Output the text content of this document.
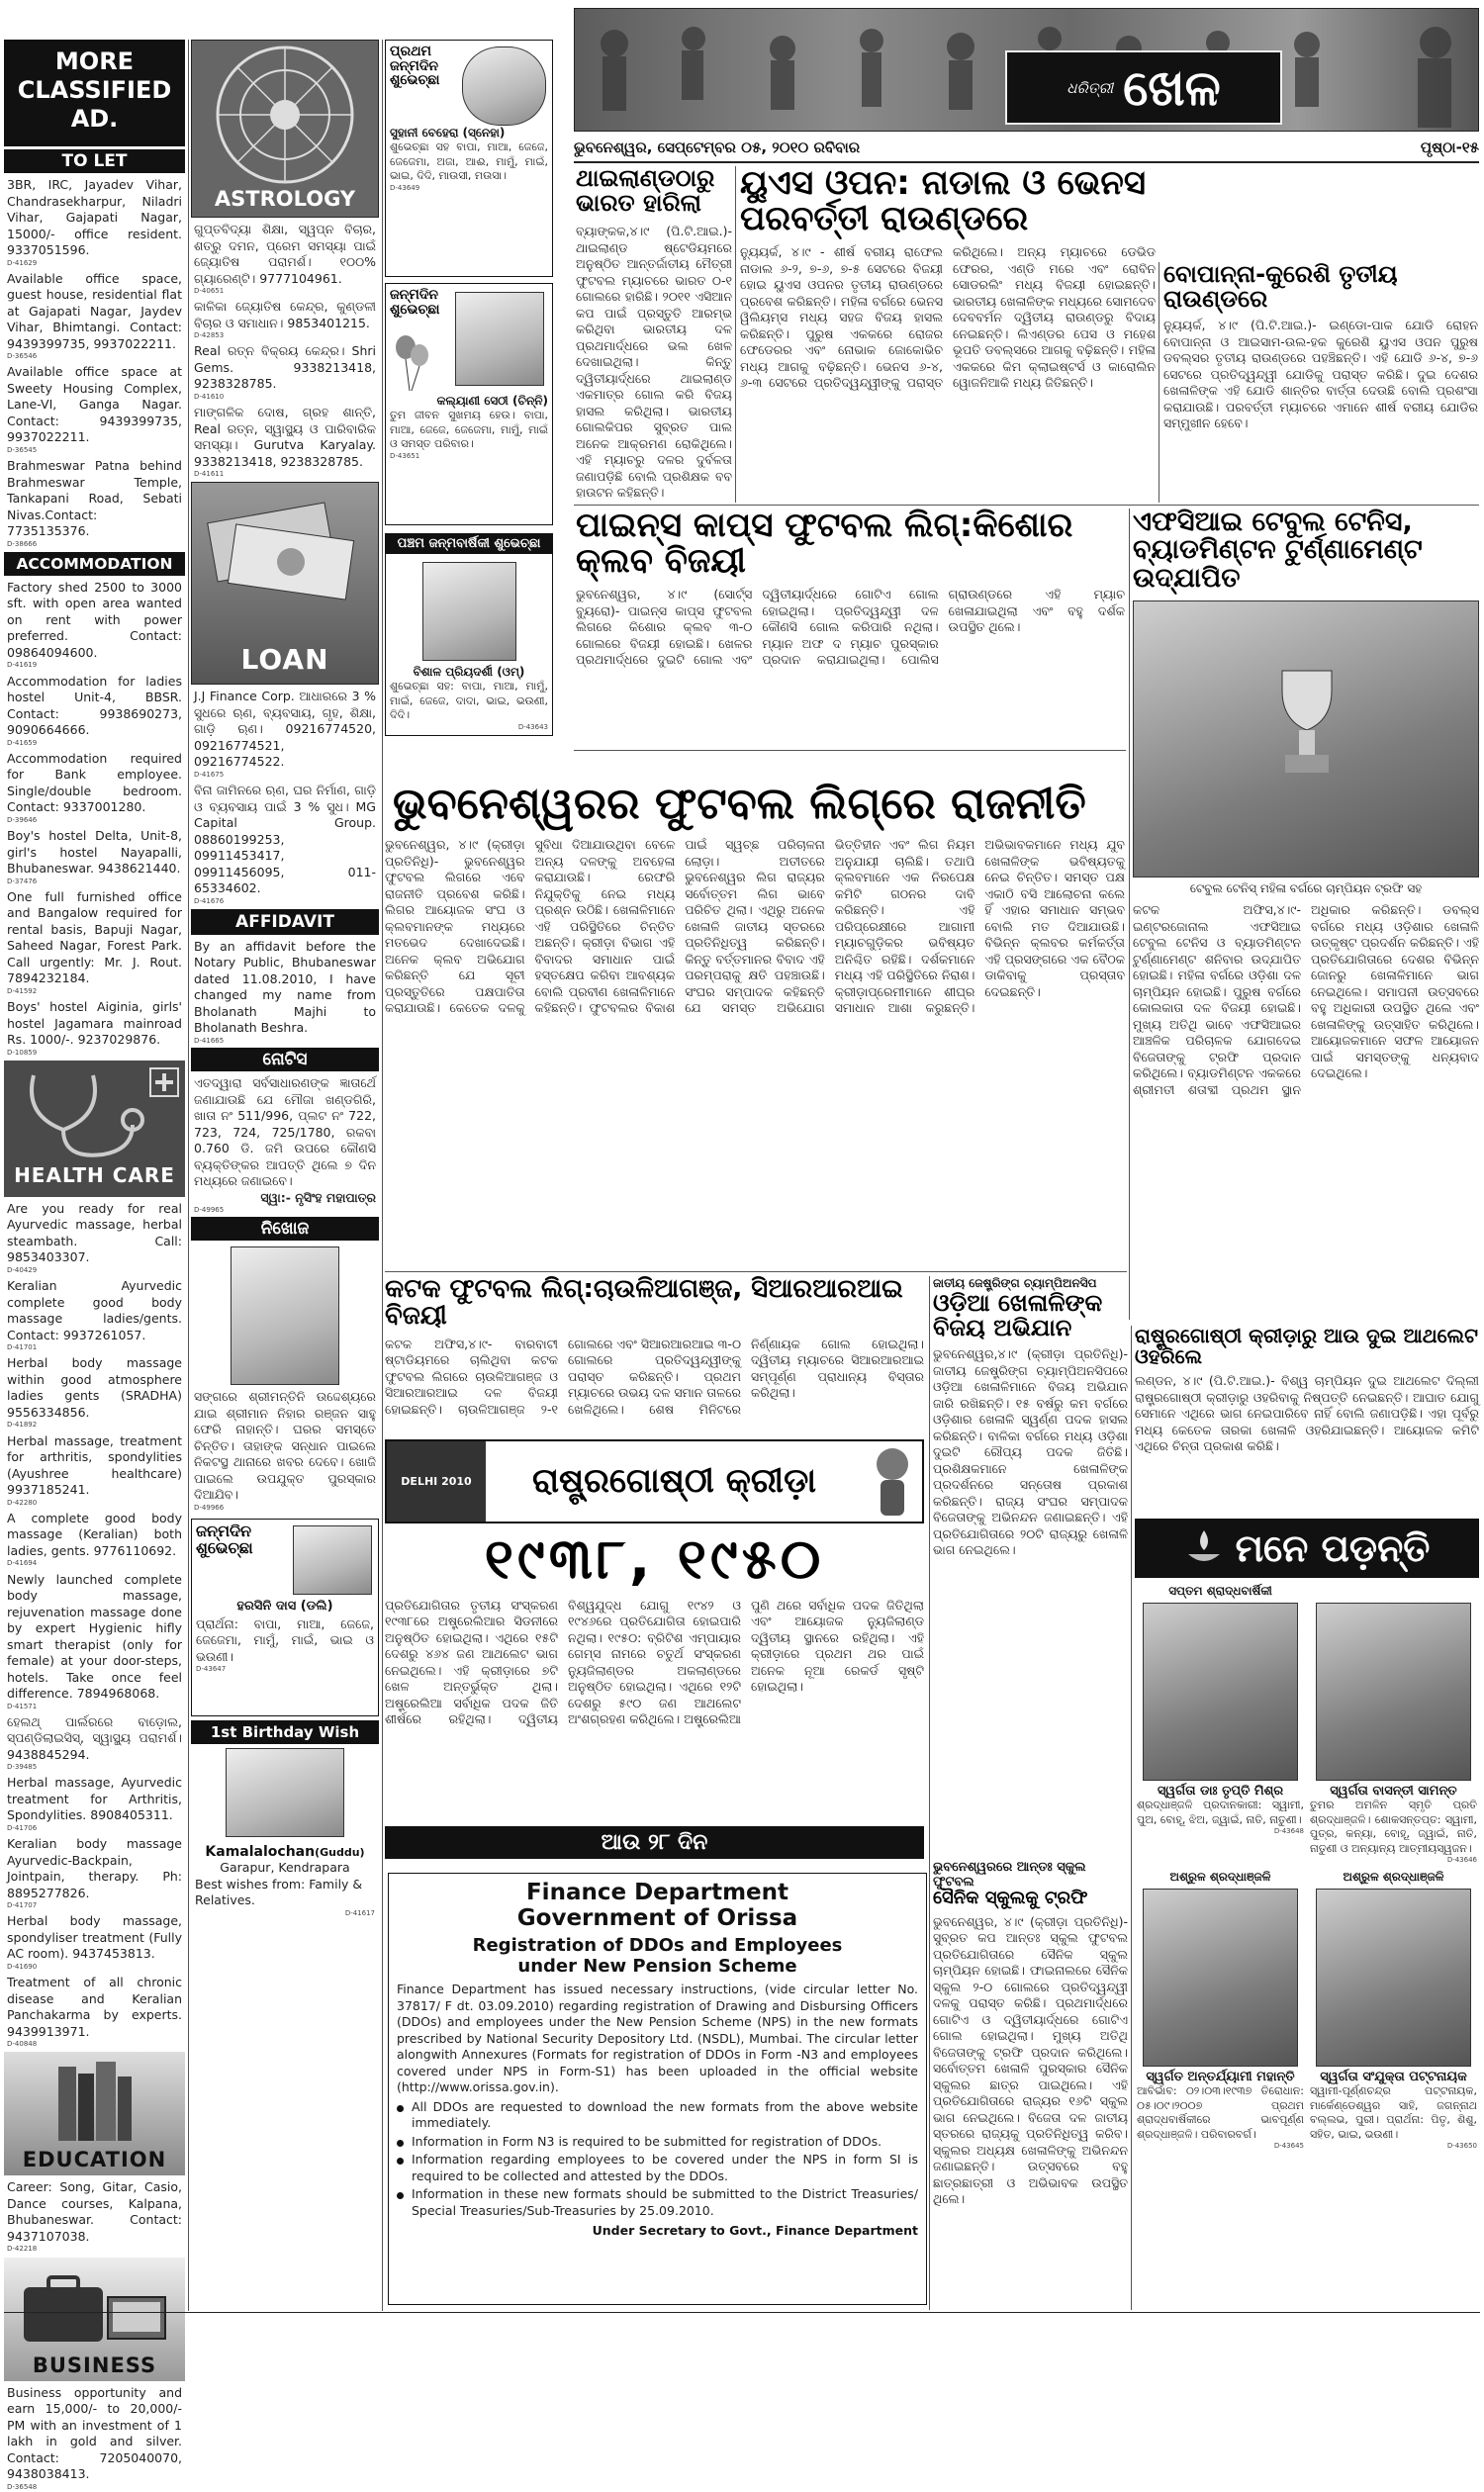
MORE
CLASSIFIED
AD.
TO LET

3BR, IRC, Jayadev Vihar, Chandrasekharpur, Niladri Vihar, Gajapati Nagar, 15000/- office resident. 9337051596.
D-41629

Available office space, guest house, residential flat at Gajapati Nagar, Jaydev Vihar, Bhimtangi. Contact: 9439399735, 9937022211.
D-36546

Available office space at Sweety Housing Complex, Lane-VI, Ganga Nagar. Contact: 9439399735, 9937022211.
D-36545

Brahmeswar Patna behind Brahmeswar Temple, Tankapani Road, Sebati Nivas.Contact: 7735135376.
D-38666

ACCOMMODATION

Factory shed 2500 to 3000 sft. with open area wanted on rent with power preferred. Contact: 09864094600.
D-41619

Accommodation for ladies hostel Unit-4, BBSR. Contact: 9938690273, 9090664666.
D-41659

Accommodation required for Bank employee. Single/double bedroom. Contact: 9337001280.
D-39646

Boy's hostel Delta, Unit-8, girl's hostel Nayapalli, Bhubaneswar. 9438621440.
D-37476

One full furnished office and Bangalow required for rental basis, Bapuji Nagar, Saheed Nagar, Forest Park. Call urgently: Mr. J. Rout. 7894232184.
D-41592

Boys' hostel Aiginia, girls' hostel Jagamara mainroad Rs. 1000/-. 9237029876.
D-10859

HEALTH CARE

Are you ready for real Ayurvedic massage, herbal steambath. Call: 9853403307.
D-40429

Keralian Ayurvedic complete good body massage ladies/gents. Contact: 9937261057.
D-41701

Herbal body massage within good atmosphere ladies gents (SRADHA) 9556334856.
D-41892

Herbal massage, treatment for arthritis, spondylities (Ayushree healthcare) 9937185241.
D-42280

A complete good body massage (Keralian) both ladies, gents. 9776110692.
D-41694

Newly launched complete body massage, rejuvenation massage done by expert Hygienic hifly smart therapist (only for female) at your door-steps, hotels. Take once feel difference. 7894968068.
D-41571

ହେଲଥ୍ ପାର୍ଲରରେ ବାଡ଼ୋଲ, ସ୍ପଣ୍ଡିଲାଇସିସ୍, ସ୍ୱାସ୍ଥ୍ୟ ପରାମର୍ଶ। 9438845294.
D-39485

Herbal massage, Ayurvedic treatment for Arthritis, Spondylities. 8908405311.
D-41706

Keralian body massage Ayurvedic-Backpain, Jointpain, therapy. Ph: 8895277826.
D-41707

Herbal body massage, spondyliser treatment (Fully AC room). 9437453813.
D-41690

Treatment of all chronic disease and Keralian Panchakarma by experts. 9439913971.
D-40848

EDUCATION

Career: Song, Gitar, Casio, Dance courses, Kalpana, Bhubaneswar. Contact: 9437107038.
D-42218

BUSINESS

Business opportunity and earn 15,000/- to 20,000/- PM with an investment of 1 lakh in gold and silver. Contact: 7205040070, 9438038413.
D-36548

ASTROLOGY

ଗୁପ୍ତବିଦ୍ୟା ଶିକ୍ଷା, ସ୍ୱପ୍ନ ବିଚାର, ଶତ୍ରୁ ଦମନ, ପ୍ରେମ ସମସ୍ୟା ପାଇଁ ଜ୍ୟୋତିଷ ପରାମର୍ଶ। ୧୦୦% ଗ୍ୟାରେଣ୍ଟି। 9777104961.
D-40651

କାଳିକା ଜ୍ୟୋତିଷ କେନ୍ଦ୍ର, କୁଣ୍ଡଳୀ ବିଚାର ଓ ସମାଧାନ। 9853401215.
D-42853

Real ରତ୍ନ ବିକ୍ରୟ କେନ୍ଦ୍ର। Shri Gems. 9338213418, 9238328785.
D-41610

ମାଙ୍ଗଳିକ ଦୋଷ, ଗ୍ରହ ଶାନ୍ତି, Real ରତ୍ନ, ସ୍ୱାସ୍ଥ୍ୟ ଓ ପାରିବାରିକ ସମସ୍ୟା। Gurutva Karyalay. 9338213418, 9238328785.
D-41611

LOAN

J.J Finance Corp. ଆଧାରରେ 3 % ସୁଧରେ ଋଣ, ବ୍ୟବସାୟ, ଗୃହ, ଶିକ୍ଷା, ଗାଡ଼ି ଋଣ। 09216774520, 09216774521, 09216774522.
D-41675

ବିନା ଜାମିନରେ ଋଣ, ଘର ନିର୍ମାଣ, ଗାଡ଼ି ଓ ବ୍ୟବସାୟ ପାଇଁ 3 % ସୁଧ। MG Capital Group. 08860199253, 09911453417, 09911456095, 011-65334602.
D-41676

AFFIDAVIT
By an affidavit before the Notary Public, Bhubaneswar dated 11.08.2010, I have changed my name from Bholanath Majhi to Bholanath Beshra.
D-41665
ନୋଟିସ
ଏତଦ୍ୱାରା ସର୍ବସାଧାରଣଙ୍କ ଜ୍ଞାତାର୍ଥେ ଜଣାଯାଉଛି ଯେ ମୌଜା ଖଣ୍ଡଗିରି, ଖାତା ନଂ 511/996, ପ୍ଲଟ ନଂ 722, 723, 724, 725/1780, ରକବା 0.760 ଡି. ଜମି ଉପରେ କୌଣସି ବ୍ୟକ୍ତିଙ୍କର ଆପତ୍ତି ଥିଲେ ୭ ଦିନ ମଧ୍ୟରେ ଜଣାଇବେ।
ସ୍ୱା:- ନୃସିଂହ ମହାପାତ୍ର
D-49965
ନିଖୋଜ
ସଙ୍ଗରେ ଶ୍ରୀମନ୍ତିନି ଉଦ୍ଦେଶ୍ୟରେ ଯାଇ ଶ୍ରୀମାନ ନିହାର ରଞ୍ଜନ ସାହୁ ଫେରି ନାହାନ୍ତି। ଘରର ସମସ୍ତେ ଚିନ୍ତିତ। ତାହାଙ୍କ ସନ୍ଧାନ ପାଇଲେ ନିକଟସ୍ଥ ଥାନାରେ ଖବର ଦେବେ। ଖୋଜି ପାଇଲେ ଉପଯୁକ୍ତ ପୁରସ୍କାର ଦିଆଯିବ।
D-49966
ଜନ୍ମଦିନ
ଶୁଭେଚ୍ଛା
ହରସିନି ଦାସ (ଡଲି)
ପ୍ରାର୍ଥନା: ବାପା, ମାଆ, ଜେଜେ, ଜେଜେମା, ମାମୁଁ, ମାଇଁ, ଭାଇ ଓ ଭଉଣୀ।
D-43647
1st Birthday Wish
Kamalalochan(Guddu)
Garapur, Kendrapara
Best wishes from: Family & Relatives.
D-41617
ପ୍ରଥମ
ଜନ୍ମଦିନ
ଶୁଭେଚ୍ଛା
ସୁହାନୀ ବେହେରା (ସ୍ନେହା)
ଶୁଭେଚ୍ଛା ସହ ବାପା, ମାଆ, ଜେଜେ, ଜେଜେମା, ଅଜା, ଆଈ, ମାମୁଁ, ମାଇଁ, ଭାଇ, ଦିଦି, ମାଉସୀ, ମଉସା।
D-43649
ଜନ୍ମଦିନ
ଶୁଭେଚ୍ଛା
କଲ୍ୟାଣୀ ସେଠୀ (ଚିନ୍ନି)
ତୁମ ଜୀବନ ସୁଖମୟ ହେଉ। ବାପା, ମାଆ, ଜେଜେ, ଜେଜେମା, ମାମୁଁ, ମାଇଁ ଓ ସମସ୍ତ ପରିବାର।
D-43651
ପଞ୍ଚମ ଜନ୍ମବାର୍ଷିକୀ ଶୁଭେଚ୍ଛା
ବିଶାଳ ପ୍ରିୟଦର୍ଶୀ (ଓମ୍)
ଶୁଭେଚ୍ଛା ସହ: ବାପା, ମାଆ, ମାମୁଁ, ମାଇଁ, ଜେଜେ, ଦାଦା, ଭାଇ, ଭଉଣୀ, ଦିଦି।
D-43643
ଧରିତ୍ରୀ ଖେଳ
ଭୁବନେଶ୍ୱର, ସେପ୍ଟେମ୍ବର ୦୫, ୨୦୧୦ ରବିବାର	ପୃଷ୍ଠା-୧୫
ଥାଇଲାଣ୍ଡଠାରୁ
ଭାରତ ହାରିଲା
ବ୍ୟାଙ୍କକ,୪।୯ (ପି.ଟି.ଆଇ.)- ଥାଇଲାଣ୍ଡ ଷ୍ଟେଡିୟମରେ ଅନୁଷ୍ଠିତ ଆନ୍ତର୍ଜାତୀୟ ମୈତ୍ରୀ ଫୁଟବଲ ମ୍ୟାଚରେ ଭାରତ ୦-୧ ଗୋଲରେ ହାରିଛି। ୨୦୧୧ ଏସିଆନ କପ ପାଇଁ ପ୍ରସ୍ତୁତି ଆରମ୍ଭ କରିଥିବା ଭାରତୀୟ ଦଳ ପ୍ରଥମାର୍ଦ୍ଧରେ ଭଲ ଖେଳ ଦେଖାଇଥିଲା। କିନ୍ତୁ ଦ୍ୱିତୀୟାର୍ଦ୍ଧରେ ଥାଇଲାଣ୍ଡ ଏକମାତ୍ର ଗୋଲ କରି ବିଜୟ ହାସଲ କରିଥିଲା। ଭାରତୀୟ ଗୋଲକିପର ସୁବ୍ରତ ପାଲ ଅନେକ ଆକ୍ରମଣ ରୋକିଥିଲେ। ଏହି ମ୍ୟାଚରୁ ଦଳର ଦୁର୍ବଳତା ଜଣାପଡ଼ିଛି ବୋଲି ପ୍ରଶିକ୍ଷକ ବବ ହାଉଟନ କହିଛନ୍ତି।
ୟୁଏସ ଓପନ: ନାଡାଲ ଓ ଭେନସ ପରବର୍ତ୍ତୀ ରାଉଣ୍ଡରେ
ନ୍ୟୁୟର୍କ, ୪।୯ - ଶୀର୍ଷ ବରୀୟ ରାଫେଲ ନାଡାଲ ୬-୨, ୭-୬, ୭-୫ ସେଟରେ ବିଜୟୀ ହୋଇ ୟୁଏସ ଓପନର ତୃତୀୟ ରାଉଣ୍ଡରେ ପ୍ରବେଶ କରିଛନ୍ତି। ମହିଳା ବର୍ଗରେ ଭେନସ ୱିଲିୟମ୍ସ ମଧ୍ୟ ସହଜ ବିଜୟ ହାସଲ କରିଛନ୍ତି। ପୁରୁଷ ଏକକରେ ରୋଜର ଫେଡେରର ଏବଂ ନୋଭାକ ଜୋକୋଭିଚ ମଧ୍ୟ ଆଗକୁ ବଢ଼ିଛନ୍ତି। ଭେନସ ୬-୪, ୬-୩ ସେଟରେ ପ୍ରତିଦ୍ୱନ୍ଦ୍ୱୀଙ୍କୁ ପରାସ୍ତ କରିଥିଲେ। ଅନ୍ୟ ମ୍ୟାଚରେ ଡେଭିଡ ଫେରର, ଏଣ୍ଡି ମରେ ଏବଂ ରୋବିନ ସୋଡରଲିଂ ମଧ୍ୟ ବିଜୟୀ ହୋଇଛନ୍ତି। ଭାରତୀୟ ଖେଳାଳିଙ୍କ ମଧ୍ୟରେ ସୋମଦେବ ଦେବବର୍ମନ ଦ୍ୱିତୀୟ ରାଉଣ୍ଡରୁ ବିଦାୟ ନେଇଛନ୍ତି। ଲିଏଣ୍ଡର ପେସ ଓ ମହେଶ ଭୂପତି ଡବଲ୍ସରେ ଆଗକୁ ବଢ଼ିଛନ୍ତି। ମହିଳା ଏକକରେ କିମ କ୍ଲାଇଷ୍ଟର୍ସ ଓ କାରୋଲିନ ୱୋଜନିଆକି ମଧ୍ୟ ଜିତିଛନ୍ତି।
ବୋପାନ୍ନା-କୁରେଶି ତୃତୀୟ ରାଉଣ୍ଡରେ
ନ୍ୟୁୟର୍କ, ୪।୯ (ପି.ଟି.ଆଇ.)- ଇଣ୍ଡୋ-ପାକ ଯୋଡି ରୋହନ ବୋପାନ୍ନା ଓ ଆଇସାମ-ଉଲ-ହକ କୁରେଶି ୟୁଏସ ଓପନ ପୁରୁଷ ଡବଲ୍ସର ତୃତୀୟ ରାଉଣ୍ଡରେ ପହଞ୍ଚିଛନ୍ତି। ଏହି ଯୋଡି ୬-୪, ୭-୬ ସେଟରେ ପ୍ରତିଦ୍ୱନ୍ଦ୍ୱୀ ଯୋଡିକୁ ପରାସ୍ତ କରିଛି। ଦୁଇ ଦେଶର ଖେଳାଳିଙ୍କ ଏହି ଯୋଡି ଶାନ୍ତିର ବାର୍ତ୍ତା ଦେଉଛି ବୋଲି ପ୍ରଶଂସା କରାଯାଉଛି। ପରବର୍ତ୍ତୀ ମ୍ୟାଚରେ ଏମାନେ ଶୀର୍ଷ ବରୀୟ ଯୋଡିର ସମ୍ମୁଖୀନ ହେବେ।
ପାଇନ୍ସ କାପ୍ସ ଫୁଟବଲ ଲିଗ୍:କିଶୋର କ୍ଲବ ବିଜୟୀ
ଭୁବନେଶ୍ୱର, ୪।୯ (ସୋର୍ଟ୍ସ ବ୍ୟୁରୋ)- ପାଇନ୍ସ କାପ୍ସ ଫୁଟବଲ ଲିଗରେ କିଶୋର କ୍ଲବ ୩-୦ ଗୋଲରେ ବିଜୟୀ ହୋଇଛି। ଖେଳର ପ୍ରଥମାର୍ଦ୍ଧରେ ଦୁଇଟି ଗୋଲ ଏବଂ ଦ୍ୱିତୀୟାର୍ଦ୍ଧରେ ଗୋଟିଏ ଗୋଲ ହୋଇଥିଲା। ପ୍ରତିଦ୍ୱନ୍ଦ୍ୱୀ ଦଳ କୌଣସି ଗୋଲ କରିପାରି ନଥିଲା। ମ୍ୟାନ ଅଫ ଦ ମ୍ୟାଚ ପୁରସ୍କାର ପ୍ରଦାନ କରାଯାଇଥିଲା। ପୋଲିସ ଗ୍ରାଉଣ୍ଡରେ ଏହି ମ୍ୟାଚ ଖେଳାଯାଇଥିଲା ଏବଂ ବହୁ ଦର୍ଶକ ଉପସ୍ଥିତ ଥିଲେ।
ଏଫସିଆଇ ଟେବୁଲ ଟେନିସ, ବ୍ୟାଡମିଣ୍ଟନ ଟୁର୍ଣ୍ଣାମେଣ୍ଟ ଉଦ୍‌ଯାପିତ
ଟେବୁଲ ଟେନିସ୍ ମହିଳା ବର୍ଗରେ ଚାମ୍ପିୟନ ଟ୍ରଫି ସହ
କଟକ ଅଫିସ,୪।୯- ଇଣ୍ଟରଜୋନାଲ ଏଫସିଆଇ ଟେବୁଲ ଟେନିସ ଓ ବ୍ୟାଡମିଣ୍ଟନ ଟୁର୍ଣ୍ଣାମେଣ୍ଟ ଶନିବାର ଉଦ୍‌ଯାପିତ ହୋଇଛି। ମହିଳା ବର୍ଗରେ ଓଡ଼ିଶା ଦଳ ଚାମ୍ପିୟନ ହୋଇଛି। ପୁରୁଷ ବର୍ଗରେ କୋଲକାତା ଦଳ ବିଜୟୀ ହୋଇଛି। ମୁଖ୍ୟ ଅତିଥି ଭାବେ ଏଫସିଆଇର ଆଞ୍ଚଳିକ ପରିଚାଳକ ଯୋଗଦେଇ ବିଜେତାଙ୍କୁ ଟ୍ରଫି ପ୍ରଦାନ କରିଥିଲେ। ବ୍ୟାଡମିଣ୍ଟନ ଏକକରେ ଶ୍ରୀମତୀ ଶତାବ୍ଦୀ ପ୍ରଥମ ସ୍ଥାନ ଅଧିକାର କରିଛନ୍ତି। ଡବଲ୍ସ ବର୍ଗରେ ମଧ୍ୟ ଓଡ଼ିଶାର ଖେଳାଳି ଉତ୍କୃଷ୍ଟ ପ୍ରଦର୍ଶନ କରିଛନ୍ତି। ଏହି ପ୍ରତିଯୋଗିତାରେ ଦେଶର ବିଭିନ୍ନ ଜୋନରୁ ଖେଳାଳିମାନେ ଭାଗ ନେଇଥିଲେ। ସମାପନୀ ଉତ୍ସବରେ ବହୁ ଅଧିକାରୀ ଉପସ୍ଥିତ ଥିଲେ ଏବଂ ଖେଳାଳିଙ୍କୁ ଉତ୍ସାହିତ କରିଥିଲେ। ଆୟୋଜକମାନେ ସଫଳ ଆୟୋଜନ ପାଇଁ ସମସ୍ତଙ୍କୁ ଧନ୍ୟବାଦ ଦେଇଥିଲେ।
ଭୁବନେଶ୍ୱରର ଫୁଟବଲ ଲିଗ୍‌ରେ ରାଜନୀତି
ଭୁବନେଶ୍ୱର, ୪।୯ (କ୍ରୀଡ଼ା ପ୍ରତିନିଧି)- ଭୁବନେଶ୍ୱର ଫୁଟବଲ ଲିଗରେ ଏବେ ରାଜନୀତି ପ୍ରବେଶ କରିଛି। ଲିଗର ଆୟୋଜକ ସଂଘ ଓ କ୍ଲବମାନଙ୍କ ମଧ୍ୟରେ ମତଭେଦ ଦେଖାଦେଇଛି। ଅନେକ କ୍ଲବ ଅଭିଯୋଗ କରିଛନ୍ତି ଯେ ସୂଚୀ ପ୍ରସ୍ତୁତିରେ ପକ୍ଷପାତିତା କରାଯାଉଛି। କେତେକ ଦଳକୁ ସୁବିଧା ଦିଆଯାଉଥିବା ବେଳେ ଅନ୍ୟ ଦଳଙ୍କୁ ଅବହେଳା କରାଯାଉଛି। ରେଫରି ନିଯୁକ୍ତିକୁ ନେଇ ମଧ୍ୟ ପ୍ରଶ୍ନ ଉଠିଛି। ଖେଳାଳିମାନେ ଏହି ପରିସ୍ଥିତିରେ ଚିନ୍ତିତ ଅଛନ୍ତି। କ୍ରୀଡ଼ା ବିଭାଗ ଏହି ବିବାଦର ସମାଧାନ ପାଇଁ ହସ୍ତକ୍ଷେପ କରିବା ଆବଶ୍ୟକ ବୋଲି ପ୍ରବୀଣ ଖେଳାଳିମାନେ କହିଛନ୍ତି। ଫୁଟବଲର ବିକାଶ ପାଇଁ ସ୍ୱଚ୍ଛ ପରିଚାଳନା ଲୋଡ଼ା। ଅତୀତରେ ଭୁବନେଶ୍ୱର ଲିଗ ରାଜ୍ୟର ସର୍ବୋତ୍ତମ ଲିଗ ଭାବେ ପରିଚିତ ଥିଲା। ଏଥିରୁ ଅନେକ ଖେଳାଳି ଜାତୀୟ ସ୍ତରରେ ପ୍ରତିନିଧିତ୍ୱ କରିଛନ୍ତି। କିନ୍ତୁ ବର୍ତ୍ତମାନର ବିବାଦ ଏହି ପରମ୍ପରାକୁ କ୍ଷତି ପହଞ୍ଚାଉଛି। ସଂଘର ସମ୍ପାଦକ କହିଛନ୍ତି ଯେ ସମସ୍ତ ଅଭିଯୋଗ ଭିତ୍ତିହୀନ ଏବଂ ଲିଗ ନିୟମ ଅନୁଯାୟୀ ଚାଲିଛି। ତଥାପି କ୍ଲବମାନେ ଏକ ନିରପେକ୍ଷ କମିଟି ଗଠନର ଦାବି କରିଛନ୍ତି। ଏହି ପରିପ୍ରେକ୍ଷୀରେ ଆଗାମୀ ମ୍ୟାଚଗୁଡ଼ିକର ଭବିଷ୍ୟତ ଅନିଶ୍ଚିତ ରହିଛି। ଦର୍ଶକମାନେ ମଧ୍ୟ ଏହି ପରିସ୍ଥିତିରେ ନିରାଶ। କ୍ରୀଡ଼ାପ୍ରେମୀମାନେ ଶୀଘ୍ର ସମାଧାନ ଆଶା କରୁଛନ୍ତି। ଅଭିଭାବକମାନେ ମଧ୍ୟ ଯୁବ ଖେଳାଳିଙ୍କ ଭବିଷ୍ୟତକୁ ନେଇ ଚିନ୍ତିତ। ସମସ୍ତ ପକ୍ଷ ଏକାଠି ବସି ଆଲୋଚନା କଲେ ହିଁ ଏହାର ସମାଧାନ ସମ୍ଭବ ବୋଲି ମତ ଦିଆଯାଉଛି। ବିଭିନ୍ନ କ୍ଲବର କର୍ମକର୍ତ୍ତା ଏହି ପ୍ରସଙ୍ଗରେ ଏକ ବୈଠକ ଡାକିବାକୁ ପ୍ରସ୍ତାବ ଦେଇଛନ୍ତି।
କଟକ ଫୁଟବଲ ଲିଗ୍:ଚାଉଳିଆଗଞ୍ଜ, ସିଆରଆରଆଇ ବିଜୟୀ
କଟକ ଅଫିସ,୪।୯- ବାରବାଟୀ ଷ୍ଟାଡିୟମରେ ଚାଲିଥିବା କଟକ ଫୁଟବଲ ଲିଗରେ ଚାଉଳିଆଗଞ୍ଜ ଓ ସିଆରଆରଆଇ ଦଳ ବିଜୟୀ ହୋଇଛନ୍ତି। ଚାଉଳିଆଗଞ୍ଜ ୨-୧ ଗୋଲରେ ଏବଂ ସିଆରଆରଆଇ ୩-୦ ଗୋଲରେ ପ୍ରତିଦ୍ୱନ୍ଦ୍ୱୀଙ୍କୁ ପରାସ୍ତ କରିଛନ୍ତି। ପ୍ରଥମ ମ୍ୟାଚରେ ଉଭୟ ଦଳ ସମାନ ତାଳରେ ଖେଳିଥିଲେ। ଶେଷ ମିନିଟରେ ନିର୍ଣ୍ଣାୟକ ଗୋଲ ହୋଇଥିଲା। ଦ୍ୱିତୀୟ ମ୍ୟାଚରେ ସିଆରଆରଆଇ ସମ୍ପୂର୍ଣ୍ଣ ପ୍ରାଧାନ୍ୟ ବିସ୍ତାର କରିଥିଲା।
ଜାତୀୟ ଜେଷ୍ଟ୍ରିଙ୍ଗ ଚ୍ୟାମ୍ପିଅନସିପ
ଓଡ଼ିଆ ଖେଳାଳିଙ୍କ
ବିଜୟ ଅଭିଯାନ
ଭୁବନେଶ୍ୱର,୪।୯ (କ୍ରୀଡ଼ା ପ୍ରତିନିଧି)- ଜାତୀୟ ଜେଷ୍ଟ୍ରିଙ୍ଗ ଚ୍ୟାମ୍ପିଅନସିପରେ ଓଡ଼ିଆ ଖେଳାଳିମାନେ ବିଜୟ ଅଭିଯାନ ଜାରି ରଖିଛନ୍ତି। ୧୫ ବର୍ଷରୁ କମ ବର୍ଗରେ ଓଡ଼ିଶାର ଖେଳାଳି ସ୍ୱର୍ଣ୍ଣ ପଦକ ହାସଲ କରିଛନ୍ତି। ବାଳିକା ବର୍ଗରେ ମଧ୍ୟ ଓଡ଼ିଶା ଦୁଇଟି ରୌପ୍ୟ ପଦକ ଜିତିଛି। ପ୍ରଶିକ୍ଷକମାନେ ଖେଳାଳିଙ୍କ ପ୍ରଦର୍ଶନରେ ସନ୍ତୋଷ ପ୍ରକାଶ କରିଛନ୍ତି। ରାଜ୍ୟ ସଂଘର ସମ୍ପାଦକ ବିଜେତାଙ୍କୁ ଅଭିନନ୍ଦନ ଜଣାଇଛନ୍ତି। ଏହି ପ୍ରତିଯୋଗିତାରେ ୨୦ଟି ରାଜ୍ୟରୁ ଖେଳାଳି ଭାଗ ନେଇଥିଲେ।
ରାଷ୍ଟ୍ରଗୋଷ୍ଠୀ କ୍ରୀଡ଼ାରୁ ଆଉ ଦୁଇ ଆଥଲେଟ ଓହରିଲେ
ଲଣ୍ଡନ, ୪।୯ (ପି.ଟି.ଆଇ.)- ବିଶ୍ୱ ଚାମ୍ପିୟନ ଦୁଇ ଆଥଲେଟ ଦିଲ୍ଲୀ ରାଷ୍ଟ୍ରଗୋଷ୍ଠୀ କ୍ରୀଡ଼ାରୁ ଓହରିବାକୁ ନିଷ୍ପତ୍ତି ନେଇଛନ୍ତି। ଆଘାତ ଯୋଗୁ ସେମାନେ ଏଥିରେ ଭାଗ ନେଇପାରିବେ ନାହିଁ ବୋଲି ଜଣାପଡ଼ିଛି। ଏହା ପୂର୍ବରୁ ମଧ୍ୟ କେତେକ ତାରକା ଖେଳାଳି ଓହରିଯାଇଛନ୍ତି। ଆୟୋଜକ କମିଟି ଏଥିରେ ଚିନ୍ତା ପ୍ରକାଶ କରିଛି।
DELHI 2010	ରାଷ୍ଟ୍ରଗୋଷ୍ଠୀ କ୍ରୀଡ଼ା
୧୯୩୮, ୧୯୫୦
ପ୍ରତିଯୋଗିତାର ତୃତୀୟ ସଂସ୍କରଣ ୧୯୩୮ରେ ଅଷ୍ଟ୍ରେଲିଆର ସିଡନୀରେ ଅନୁଷ୍ଠିତ ହୋଇଥିଲା। ଏଥିରେ ୧୫ଟି ଦେଶରୁ ୪୬୪ ଜଣ ଆଥଲେଟ ଭାଗ ନେଇଥିଲେ। ଏହି କ୍ରୀଡ଼ାରେ ୭ଟି ଖେଳ ଅନ୍ତର୍ଭୁକ୍ତ ଥିଲା। ଅଷ୍ଟ୍ରେଲିଆ ସର୍ବାଧିକ ପଦକ ଜିତି ଶୀର୍ଷରେ ରହିଥିଲା। ଦ୍ୱିତୀୟ ବିଶ୍ୱଯୁଦ୍ଧ ଯୋଗୁ ୧୯୪୨ ଓ ୧୯୪୬ରେ ପ୍ରତିଯୋଗିତା ହୋଇପାରି ନଥିଲା। ୧୯୫୦: ବ୍ରିଟିଶ ଏମ୍ପାୟାର ଗେମ୍ସ ନାମରେ ଚତୁର୍ଥ ସଂସ୍କରଣ ନ୍ୟୁଜିଲାଣ୍ଡର ଅକଲାଣ୍ଡରେ ଅନୁଷ୍ଠିତ ହୋଇଥିଲା। ଏଥିରେ ୧୨ଟି ଦେଶରୁ ୫୯୦ ଜଣ ଆଥଲେଟ ଅଂଶଗ୍ରହଣ କରିଥିଲେ। ଅଷ୍ଟ୍ରେଲିଆ ପୁଣି ଥରେ ସର୍ବାଧିକ ପଦକ ଜିତିଥିଲା ଏବଂ ଆୟୋଜକ ନ୍ୟୁଜିଲାଣ୍ଡ ଦ୍ୱିତୀୟ ସ୍ଥାନରେ ରହିଥିଲା। ଏହି କ୍ରୀଡ଼ାରେ ପ୍ରଥମ ଥର ପାଇଁ ଅନେକ ନୂଆ ରେକର୍ଡ ସୃଷ୍ଟି ହୋଇଥିଲା।
ଆଉ ୨୮ ଦିନ
ଭୁବନେଶ୍ୱରରେ ଆନ୍ତଃ ସ୍କୁଲ ଫୁଟବଲ
ସୈନିକ ସ୍କୁଲକୁ ଟ୍ରଫି
ଭୁବନେଶ୍ୱର, ୪।୯ (କ୍ରୀଡ଼ା ପ୍ରତିନିଧି)- ସୁବ୍ରତ କପ ଆନ୍ତଃ ସ୍କୁଲ ଫୁଟବଲ ପ୍ରତିଯୋଗିତାରେ ସୈନିକ ସ୍କୁଲ ଚାମ୍ପିୟନ ହୋଇଛି। ଫାଇନାଲରେ ସୈନିକ ସ୍କୁଲ ୨-୦ ଗୋଲରେ ପ୍ରତିଦ୍ୱନ୍ଦ୍ୱୀ ଦଳକୁ ପରାସ୍ତ କରିଛି। ପ୍ରଥମାର୍ଦ୍ଧରେ ଗୋଟିଏ ଓ ଦ୍ୱିତୀୟାର୍ଦ୍ଧରେ ଗୋଟିଏ ଗୋଲ ହୋଇଥିଲା। ମୁଖ୍ୟ ଅତିଥି ବିଜେତାଙ୍କୁ ଟ୍ରଫି ପ୍ରଦାନ କରିଥିଲେ। ସର୍ବୋତ୍ତମ ଖେଳାଳି ପୁରସ୍କାର ସୈନିକ ସ୍କୁଲର ଛାତ୍ର ପାଇଥିଲେ। ଏହି ପ୍ରତିଯୋଗିତାରେ ରାଜ୍ୟର ୧୬ଟି ସ୍କୁଲ ଭାଗ ନେଇଥିଲେ। ବିଜେତା ଦଳ ଜାତୀୟ ସ୍ତରରେ ରାଜ୍ୟକୁ ପ୍ରତିନିଧିତ୍ୱ କରିବ। ସ୍କୁଲର ଅଧ୍ୟକ୍ଷ ଖେଳାଳିଙ୍କୁ ଅଭିନନ୍ଦନ ଜଣାଇଛନ୍ତି। ଉତ୍ସବରେ ବହୁ ଛାତ୍ରଛାତ୍ରୀ ଓ ଅଭିଭାବକ ଉପସ୍ଥିତ ଥିଲେ।
Finance Department
Government of Orissa
Registration of DDOs and Employees
under New Pension Scheme
Finance Department has issued necessary instructions, (vide circular letter No. 37817/ F dt. 03.09.2010) regarding registration of Drawing and Disbursing Officers (DDOs) and employees under the New Pension Scheme (NPS) in the new formats prescribed by National Security Depository Ltd. (NSDL), Mumbai. The circular letter alongwith Annexures (Formats for registration of DDOs in Form -N3 and employees covered under NPS in Form-S1) has been uploaded in the official website (http://www.orissa.gov.in).
All DDOs are requested to download the new formats from the above website immediately.
Information in Form N3 is required to be submitted for registration of DDOs.
Information regarding employees to be covered under the NPS in form SI is required to be collected and attested by the DDOs.
Information in these new formats should be submitted to the District Treasuries/ Special Treasuries/Sub-Treasuries by 25.09.2010.
Under Secretary to Govt., Finance Department
ମନେ ପଡ଼ନ୍ତି
ସପ୍ତମ ଶ୍ରାଦ୍ଧବାର୍ଷିକୀ
ସ୍ୱର୍ଗତା ଡାଃ ତୃପ୍ତି ମିଶ୍ର
ଶ୍ରଦ୍ଧାଞ୍ଜଳି ପ୍ରଦାନକାରୀ: ସ୍ୱାମୀ, ପୁଅ, ବୋହୂ, ଝିଅ, ଜ୍ୱାଇଁ, ନାତି, ନାତୁଣୀ।
D-43648
ସ୍ୱର୍ଗତା ବାସନ୍ତୀ ସାମନ୍ତ
ତୁମର ଅମଳିନ ସ୍ମୃତି ପ୍ରତି ଶ୍ରଦ୍ଧାଞ୍ଜଳି। ଶୋକସନ୍ତପ୍ତ: ସ୍ୱାମୀ, ପୁତ୍ର, କନ୍ୟା, ବୋହୂ, ଜ୍ୱାଇଁ, ନାତି, ନାତୁଣୀ ଓ ଅନ୍ୟାନ୍ୟ ଆତ୍ମୀୟସ୍ୱଜନ।
D-43646
ଅଶ୍ରୁଳ ଶ୍ରଦ୍ଧାଞ୍ଜଳି
ସ୍ୱର୍ଗତ ଅନ୍ତର୍ଯ୍ୟାମୀ ମହାନ୍ତି
ଆବିର୍ଭାବ: ୦୨।୦୩।୧୯୩୭ ତିରୋଧାନ: ୦୫।୦୯।୨୦୦୭ ପ୍ରଥମ ଶ୍ରାଦ୍ଧବାର୍ଷିକୀରେ ଭାବପୂର୍ଣ୍ଣ ଶ୍ରଦ୍ଧାଞ୍ଜଳି। ପରିବାରବର୍ଗ।
D-43645
ଅଶ୍ରୁଳ ଶ୍ରଦ୍ଧାଞ୍ଜଳି
ସ୍ୱର୍ଗତା ସଂଯୁକ୍ତା ପଟ୍ଟନାୟକ
ସ୍ୱାମୀ-ପୂର୍ଣ୍ଣଚନ୍ଦ୍ର ପଟ୍ଟନାୟକ, ମାର୍କେଣ୍ଡେଶ୍ୱର ସାହି, ଜଗନ୍ନାଥ ବଲ୍ଲଭ, ପୁରୀ। ପ୍ରାର୍ଥନା: ପିତୃ, ଶିଶୁ, ସହିତ, ଭାଇ, ଭଉଣୀ।
D-43650
